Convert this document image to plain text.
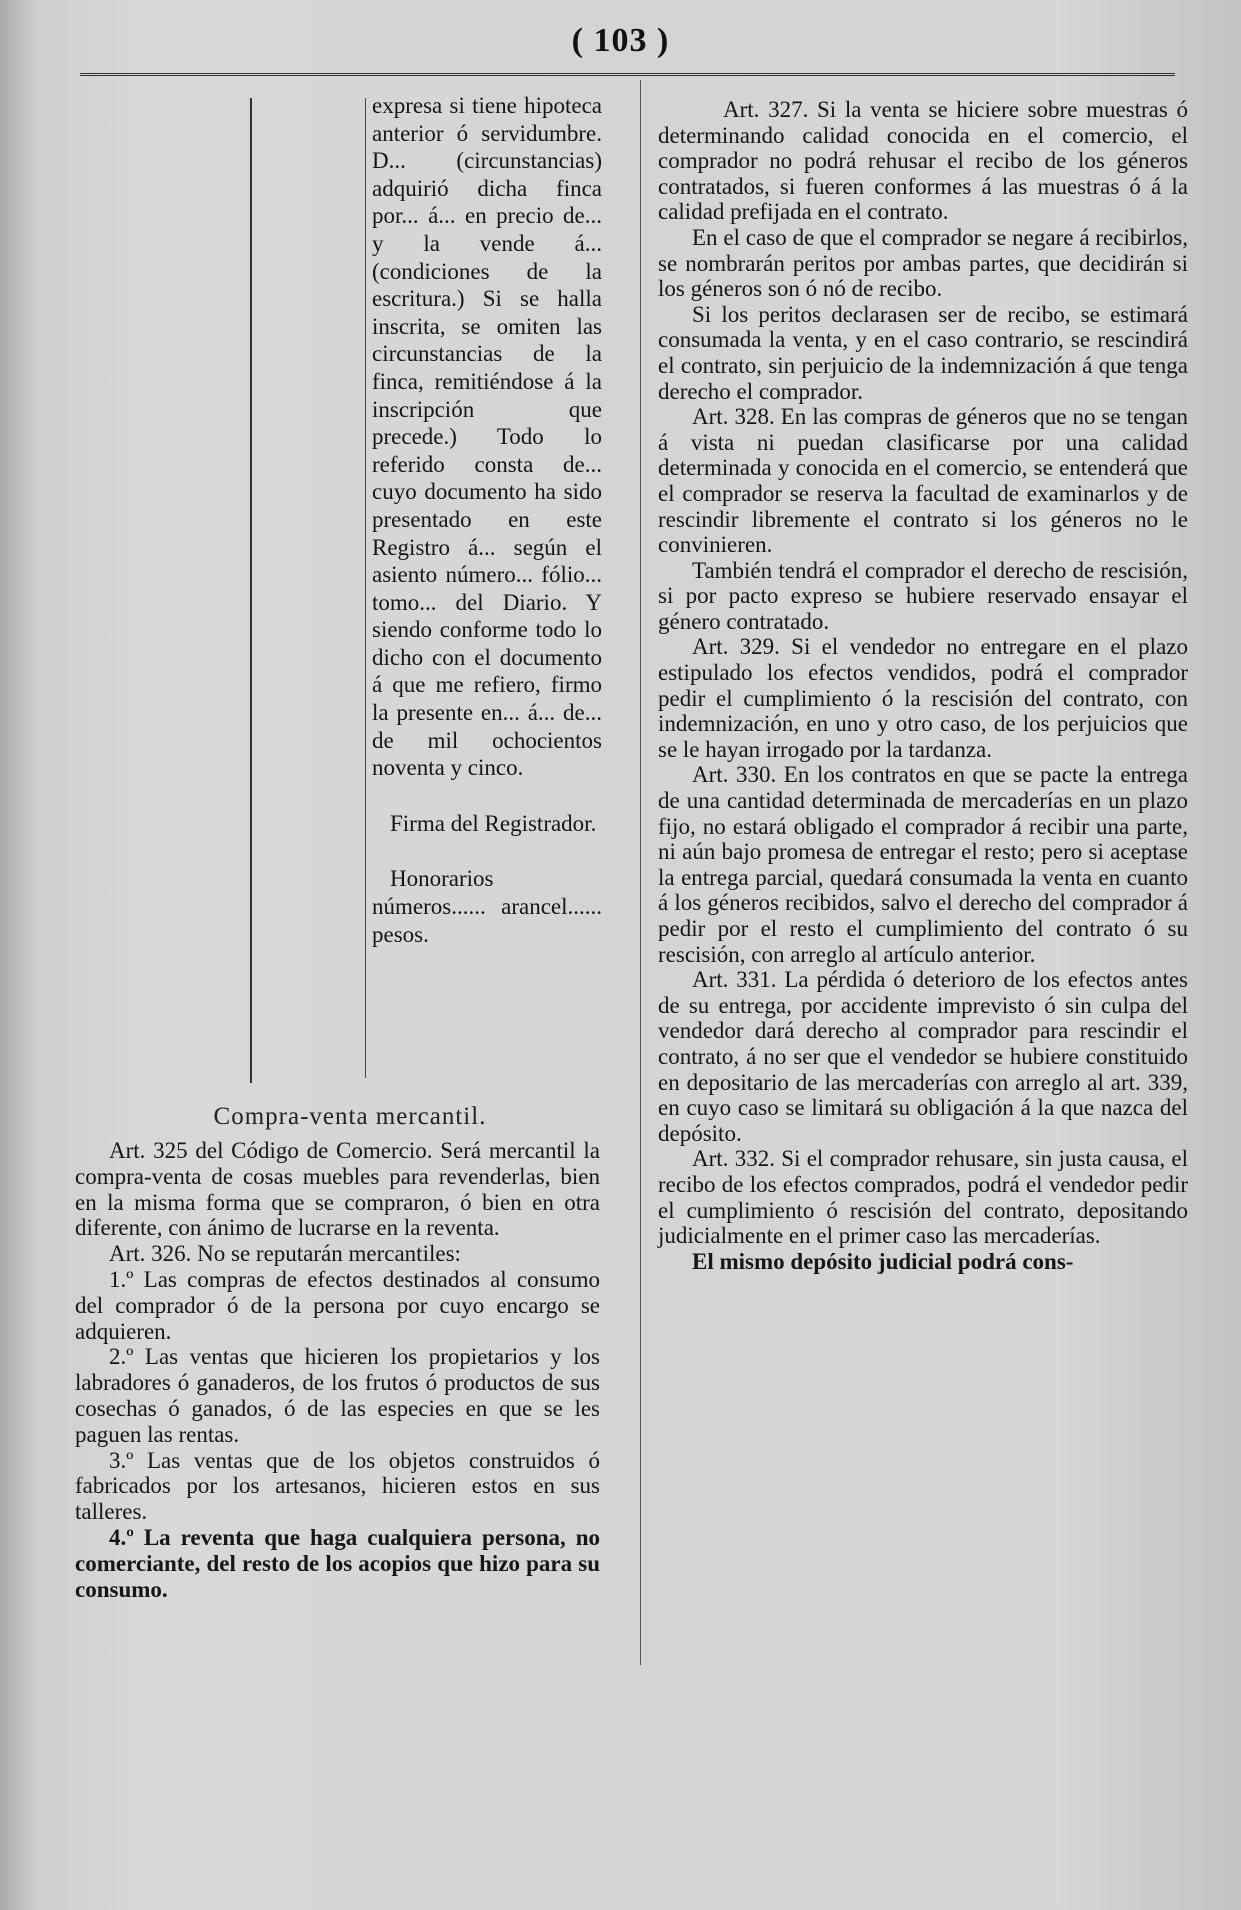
( 103 )

expresa si tiene hipoteca anterior ó servidumbre. D... (circunstancias) adquirió dicha finca por... á... en precio de... y la vende á... (condiciones de la escritura.) Si se halla inscrita, se omiten las circunstancias de la finca, remitiéndose á la inscripción que precede.) Todo lo referido consta de... cuyo documento ha sido presentado en este Registro á... según el asiento número... fólio... tomo... del Diario. Y siendo conforme todo lo dicho con el documento á que me refiero, firmo la presente en... á... de... de mil ochocientos noventa y cinco.

Firma del Registrador.

Honorarios números...... arancel...... pesos.

Compra-venta mercantil.

Art. 325 del Código de Comercio. Será mercantil la compra-venta de cosas muebles para revenderlas, bien en la misma forma que se compraron, ó bien en otra diferente, con ánimo de lucrarse en la reventa.

Art. 326. No se reputarán mercantiles:

1.º Las compras de efectos destinados al consumo del comprador ó de la persona por cuyo encargo se adquieren.

2.º Las ventas que hicieren los propietarios y los labradores ó ganaderos, de los frutos ó productos de sus cosechas ó ganados, ó de las especies en que se les paguen las rentas.

3.º Las ventas que de los objetos construidos ó fabricados por los artesanos, hicieren estos en sus talleres.

4.º La reventa que haga cualquiera persona, no comerciante, del resto de los acopios que hizo para su consumo.

Art. 327. Si la venta se hiciere sobre muestras ó determinando calidad conocida en el comercio, el comprador no podrá rehusar el recibo de los géneros contratados, si fueren conformes á las muestras ó á la calidad prefijada en el contrato.

En el caso de que el comprador se negare á recibirlos, se nombrarán peritos por ambas partes, que decidirán si los géneros son ó nó de recibo.

Si los peritos declarasen ser de recibo, se estimará consumada la venta, y en el caso contrario, se rescindirá el contrato, sin perjuicio de la indemnización á que tenga derecho el comprador.

Art. 328. En las compras de géneros que no se tengan á vista ni puedan clasificarse por una calidad determinada y conocida en el comercio, se entenderá que el comprador se reserva la facultad de examinarlos y de rescindir libremente el contrato si los géneros no le convinieren.

También tendrá el comprador el derecho de rescisión, si por pacto expreso se hubiere reservado ensayar el género contratado.

Art. 329. Si el vendedor no entregare en el plazo estipulado los efectos vendidos, podrá el comprador pedir el cumplimiento ó la rescisión del contrato, con indemnización, en uno y otro caso, de los perjuicios que se le hayan irrogado por la tardanza.

Art. 330. En los contratos en que se pacte la entrega de una cantidad determinada de mercaderías en un plazo fijo, no estará obligado el comprador á recibir una parte, ni aún bajo promesa de entregar el resto; pero si aceptase la entrega parcial, quedará consumada la venta en cuanto á los géneros recibidos, salvo el derecho del comprador á pedir por el resto el cumplimiento del contrato ó su rescisión, con arreglo al artículo anterior.

Art. 331. La pérdida ó deterioro de los efectos antes de su entrega, por accidente imprevisto ó sin culpa del vendedor dará derecho al comprador para rescindir el contrato, á no ser que el vendedor se hubiere constituido en depositario de las mercaderías con arreglo al art. 339, en cuyo caso se limitará su obligación á la que nazca del depósito.

Art. 332. Si el comprador rehusare, sin justa causa, el recibo de los efectos comprados, podrá el vendedor pedir el cumplimiento ó rescisión del contrato, depositando judicialmente en el primer caso las mercaderías.

El mismo depósito judicial podrá cons-
